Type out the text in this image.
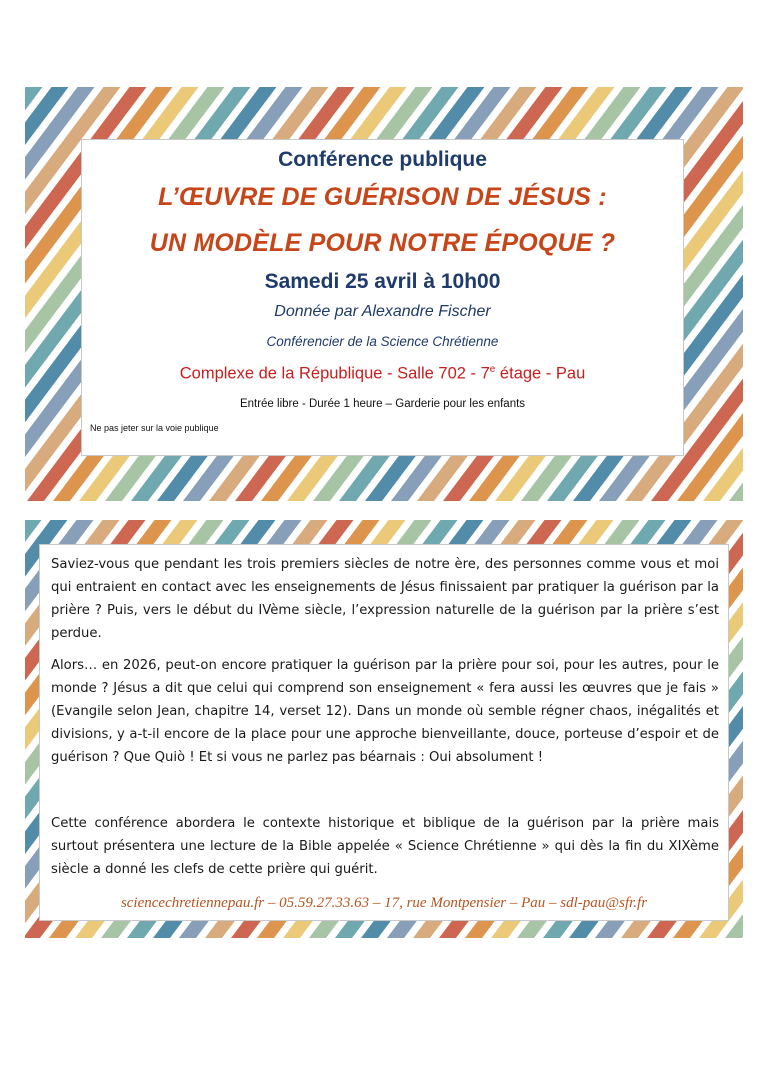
Conférence publique

L’ŒUVRE DE GUÉRISON DE JÉSUS :

UN MODÈLE POUR NOTRE ÉPOQUE ?

Samedi 25 avril à 10h00

Donnée par Alexandre Fischer

Conférencier de la Science Chrétienne

Complexe de la République - Salle 702 - 7e étage - Pau

Entrée libre - Durée 1 heure – Garderie pour les enfants

Ne pas jeter sur la voie publique

Saviez-vous que pendant les trois premiers siècles de notre ère, des personnes comme vous et moi qui entraient en contact avec les enseignements de Jésus finissaient par pratiquer la guérison par la prière ? Puis, vers le début du IVème siècle, l’expression naturelle de la guérison par la prière s’est perdue.

Alors… en 2026, peut-on encore pratiquer la guérison par la prière pour soi, pour les autres, pour le monde ? Jésus a dit que celui qui comprend son enseignement « fera aussi les œuvres que je fais » (Evangile selon Jean, chapitre 14, verset 12). Dans un monde où semble régner chaos, inégalités et divisions, y a-t-il encore de la place pour une approche bienveillante, douce, porteuse d’espoir et de guérison ? Que Quiò ! Et si vous ne parlez pas béarnais : Oui absolument !

Cette conférence abordera le contexte historique et biblique de la guérison par la prière mais surtout présentera une lecture de la Bible appelée « Science Chrétienne » qui dès la fin du XIXème siècle a donné les clefs de cette prière qui guérit.

sciencechretiennepau.fr – 05.59.27.33.63 – 17, rue Montpensier – Pau – sdl-pau@sfr.fr
